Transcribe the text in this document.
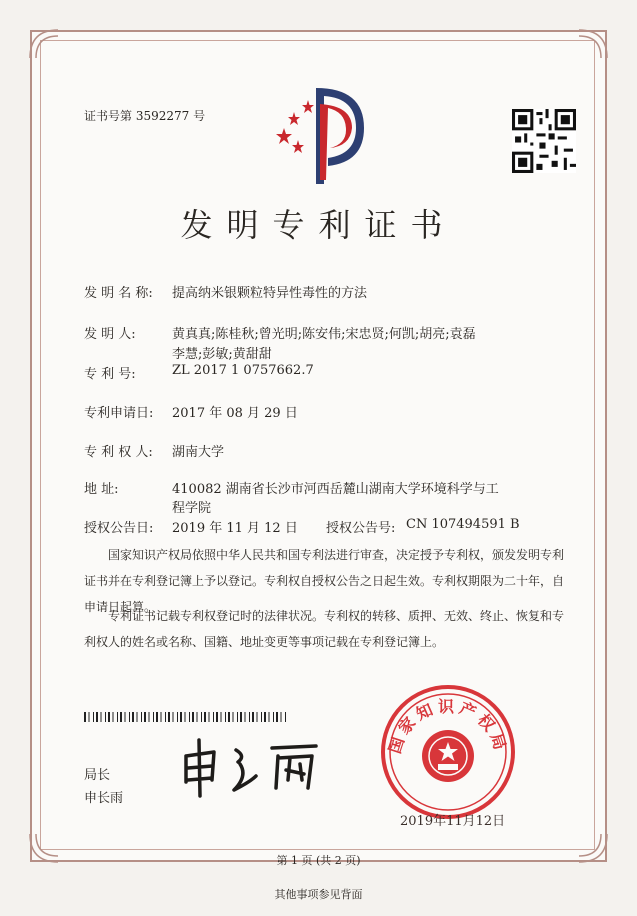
证书号第 3592277 号
发明专利证书
发 明 名 称: 提高纳米银颗粒特异性毒性的方法
发 明 人:	黄真真;陈桂秋;曾光明;陈安伟;宋忠贤;何凯;胡亮;袁磊
李慧;彭敏;黄甜甜
专 利 号:	ZL 2017 1 0757662.7
专利申请日: 2017 年 08 月 29 日
专 利 权 人: 湖南大学
地 址:	410082 湖南省长沙市河西岳麓山湖南大学环境科学与工
程学院
授权公告日: 2019 年 11 月 12 日 授权公告号: CN 107494591 B
国家知识产权局依照中华人民共和国专利法进行审查，决定授予专利权，颁发发明专利
证书并在专利登记簿上予以登记。专利权自授权公告之日起生效。专利权期限为二十年，自
申请日起算。
专利证书记载专利权登记时的法律状况。专利权的转移、质押、无效、终止、恢复和专
利权人的姓名或名称、国籍、地址变更等事项记载在专利登记簿上。
局长
申长雨
国家知识产权局
2019年11月12日
第 1 页 (共 2 页)
其他事项参见背面
